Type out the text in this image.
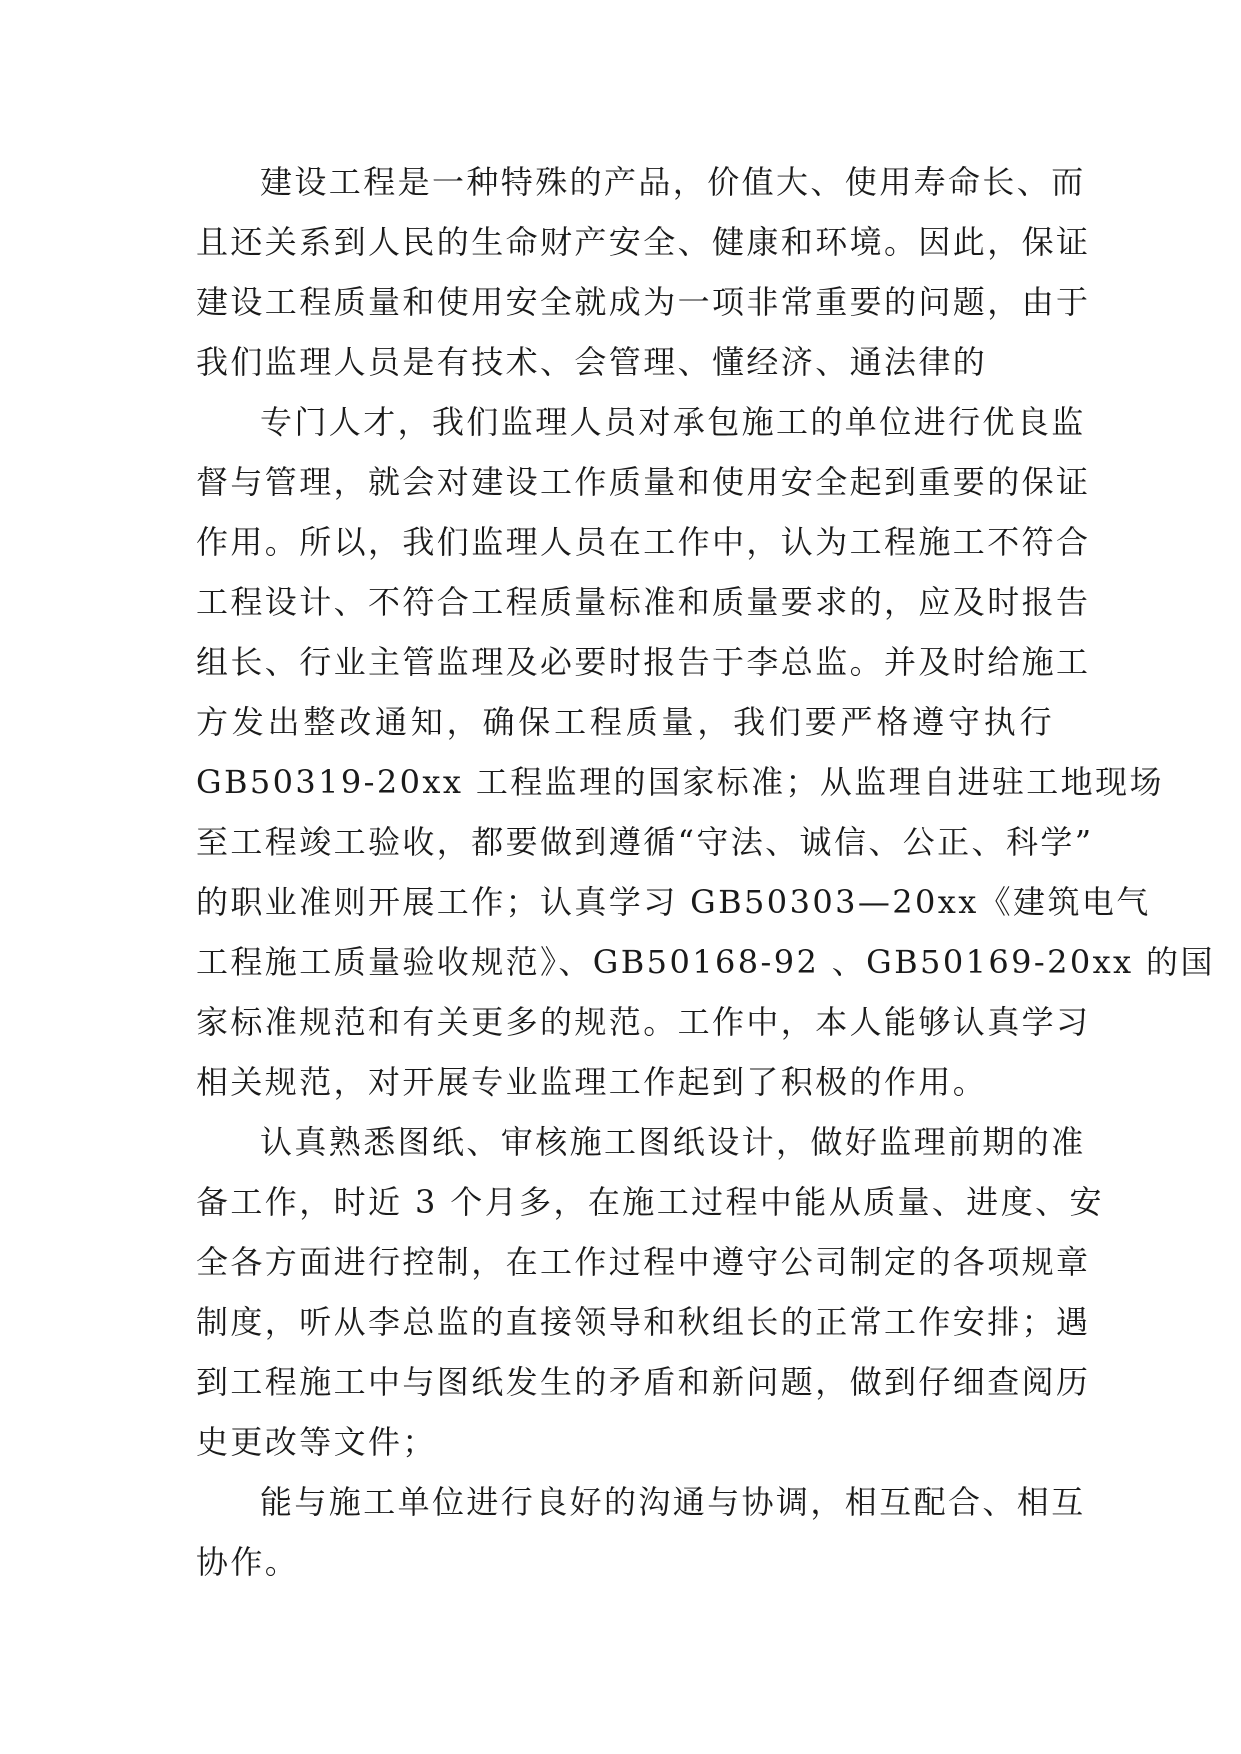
建设工程是一种特殊的产品，价值大、使用寿命长、而
且还关系到人民的生命财产安全、健康和环境。因此，保证
建设工程质量和使用安全就成为一项非常重要的问题，由于
我们监理人员是有技术、会管理、懂经济、通法律的
专门人才，我们监理人员对承包施工的单位进行优良监
督与管理，就会对建设工作质量和使用安全起到重要的保证
作用。所以，我们监理人员在工作中，认为工程施工不符合
工程设计、不符合工程质量标准和质量要求的，应及时报告
组长、行业主管监理及必要时报告于李总监。并及时给施工
方发出整改通知，确保工程质量，我们要严格遵守执行
GB50319-20xx 工程监理的国家标准；从监理自进驻工地现场
至工程竣工验收，都要做到遵循“守法、诚信、公正、科学”
的职业准则开展工作；认真学习 GB50303—20xx《建筑电气
工程施工质量验收规范》、GB50168-92 、GB50169-20xx 的国
家标准规范和有关更多的规范。工作中，本人能够认真学习
相关规范，对开展专业监理工作起到了积极的作用。
认真熟悉图纸、审核施工图纸设计，做好监理前期的准
备工作，时近 3 个月多，在施工过程中能从质量、进度、安
全各方面进行控制，在工作过程中遵守公司制定的各项规章
制度，听从李总监的直接领导和秋组长的正常工作安排；遇
到工程施工中与图纸发生的矛盾和新问题，做到仔细查阅历
史更改等文件；
能与施工单位进行良好的沟通与协调，相互配合、相互
协作。
